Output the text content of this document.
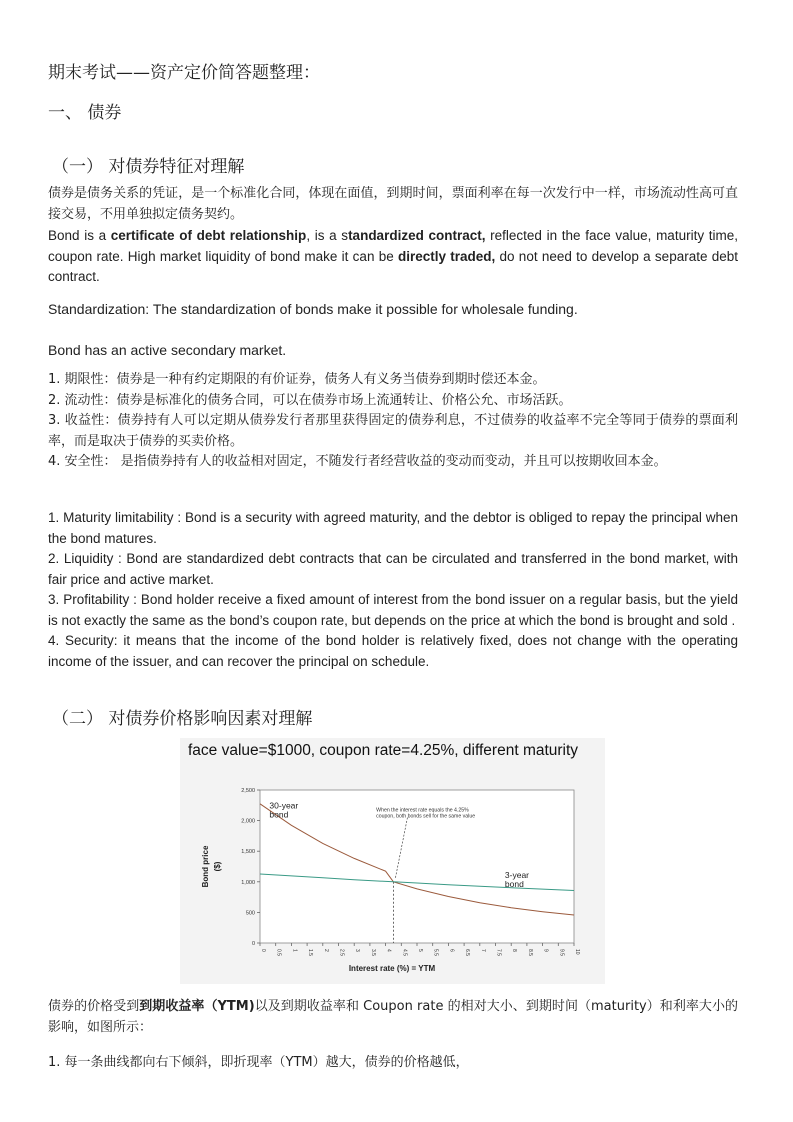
期末考试——资产定价简答题整理：
一、 债券
（一） 对债券特征对理解
债券是债务关系的凭证，是一个标准化合同，体现在面值，到期时间，票面利率在每一次发行中一样，市场流动性高可直接交易，不用单独拟定债务契约。
Bond is a certificate of debt relationship, is a standardized contract, reflected in the face value, maturity time, coupon rate. High market liquidity of bond make it can be directly traded, do not need to develop a separate debt contract.
Standardization: The standardization of bonds make it possible for wholesale funding.
Bond has an active secondary market.
1. 期限性：债券是一种有约定期限的有价证券，债务人有义务当债券到期时偿还本金。
2. 流动性：债券是标准化的债务合同，可以在债券市场上流通转让、价格公允、市场活跃。
3. 收益性：债券持有人可以定期从债券发行者那里获得固定的债券利息，不过债券的收益率不完全等同于债券的票面利率，而是取决于债券的买卖价格。
4. 安全性： 是指债券持有人的收益相对固定，不随发行者经营收益的变动而变动，并且可以按期收回本金。
1. Maturity limitability : Bond is a security with agreed maturity, and the debtor is obliged to repay the principal when the bond matures.
2. Liquidity : Bond are standardized debt contracts that can be circulated and transferred in the bond market, with fair price and active market.
3. Profitability : Bond holder receive a fixed amount of interest from the bond issuer on a regular basis, but the yield is not exactly the same as the bond’s coupon rate, but depends on the price at which the bond is brought and sold .
4. Security: it means that the income of the bond holder is relatively fixed, does not change with the operating income of the issuer, and can recover the principal on schedule.
（二） 对债券价格影响因素对理解
face value=$1000, coupon rate=4.25%, different maturity
0
500
1,000
1,500
2,000
2,500
0 0.5 1 1.5 2 2.5 3 3.5 4 4.5 5 5.5 6 6.5 7 7.5 8 8.5 9 9.5 10
Interest rate (%) = YTM
Bond price ($)
When the interest rate equals the 4.25%
coupon, both bonds sell for the same value
30-year
bond
3-year
bond
债券的价格受到到期收益率（YTM)以及到期收益率和 Coupon rate 的相对大小、到期时间（maturity）和利率大小的影响，如图所示：
1. 每一条曲线都向右下倾斜，即折现率（YTM）越大，债券的价格越低，
